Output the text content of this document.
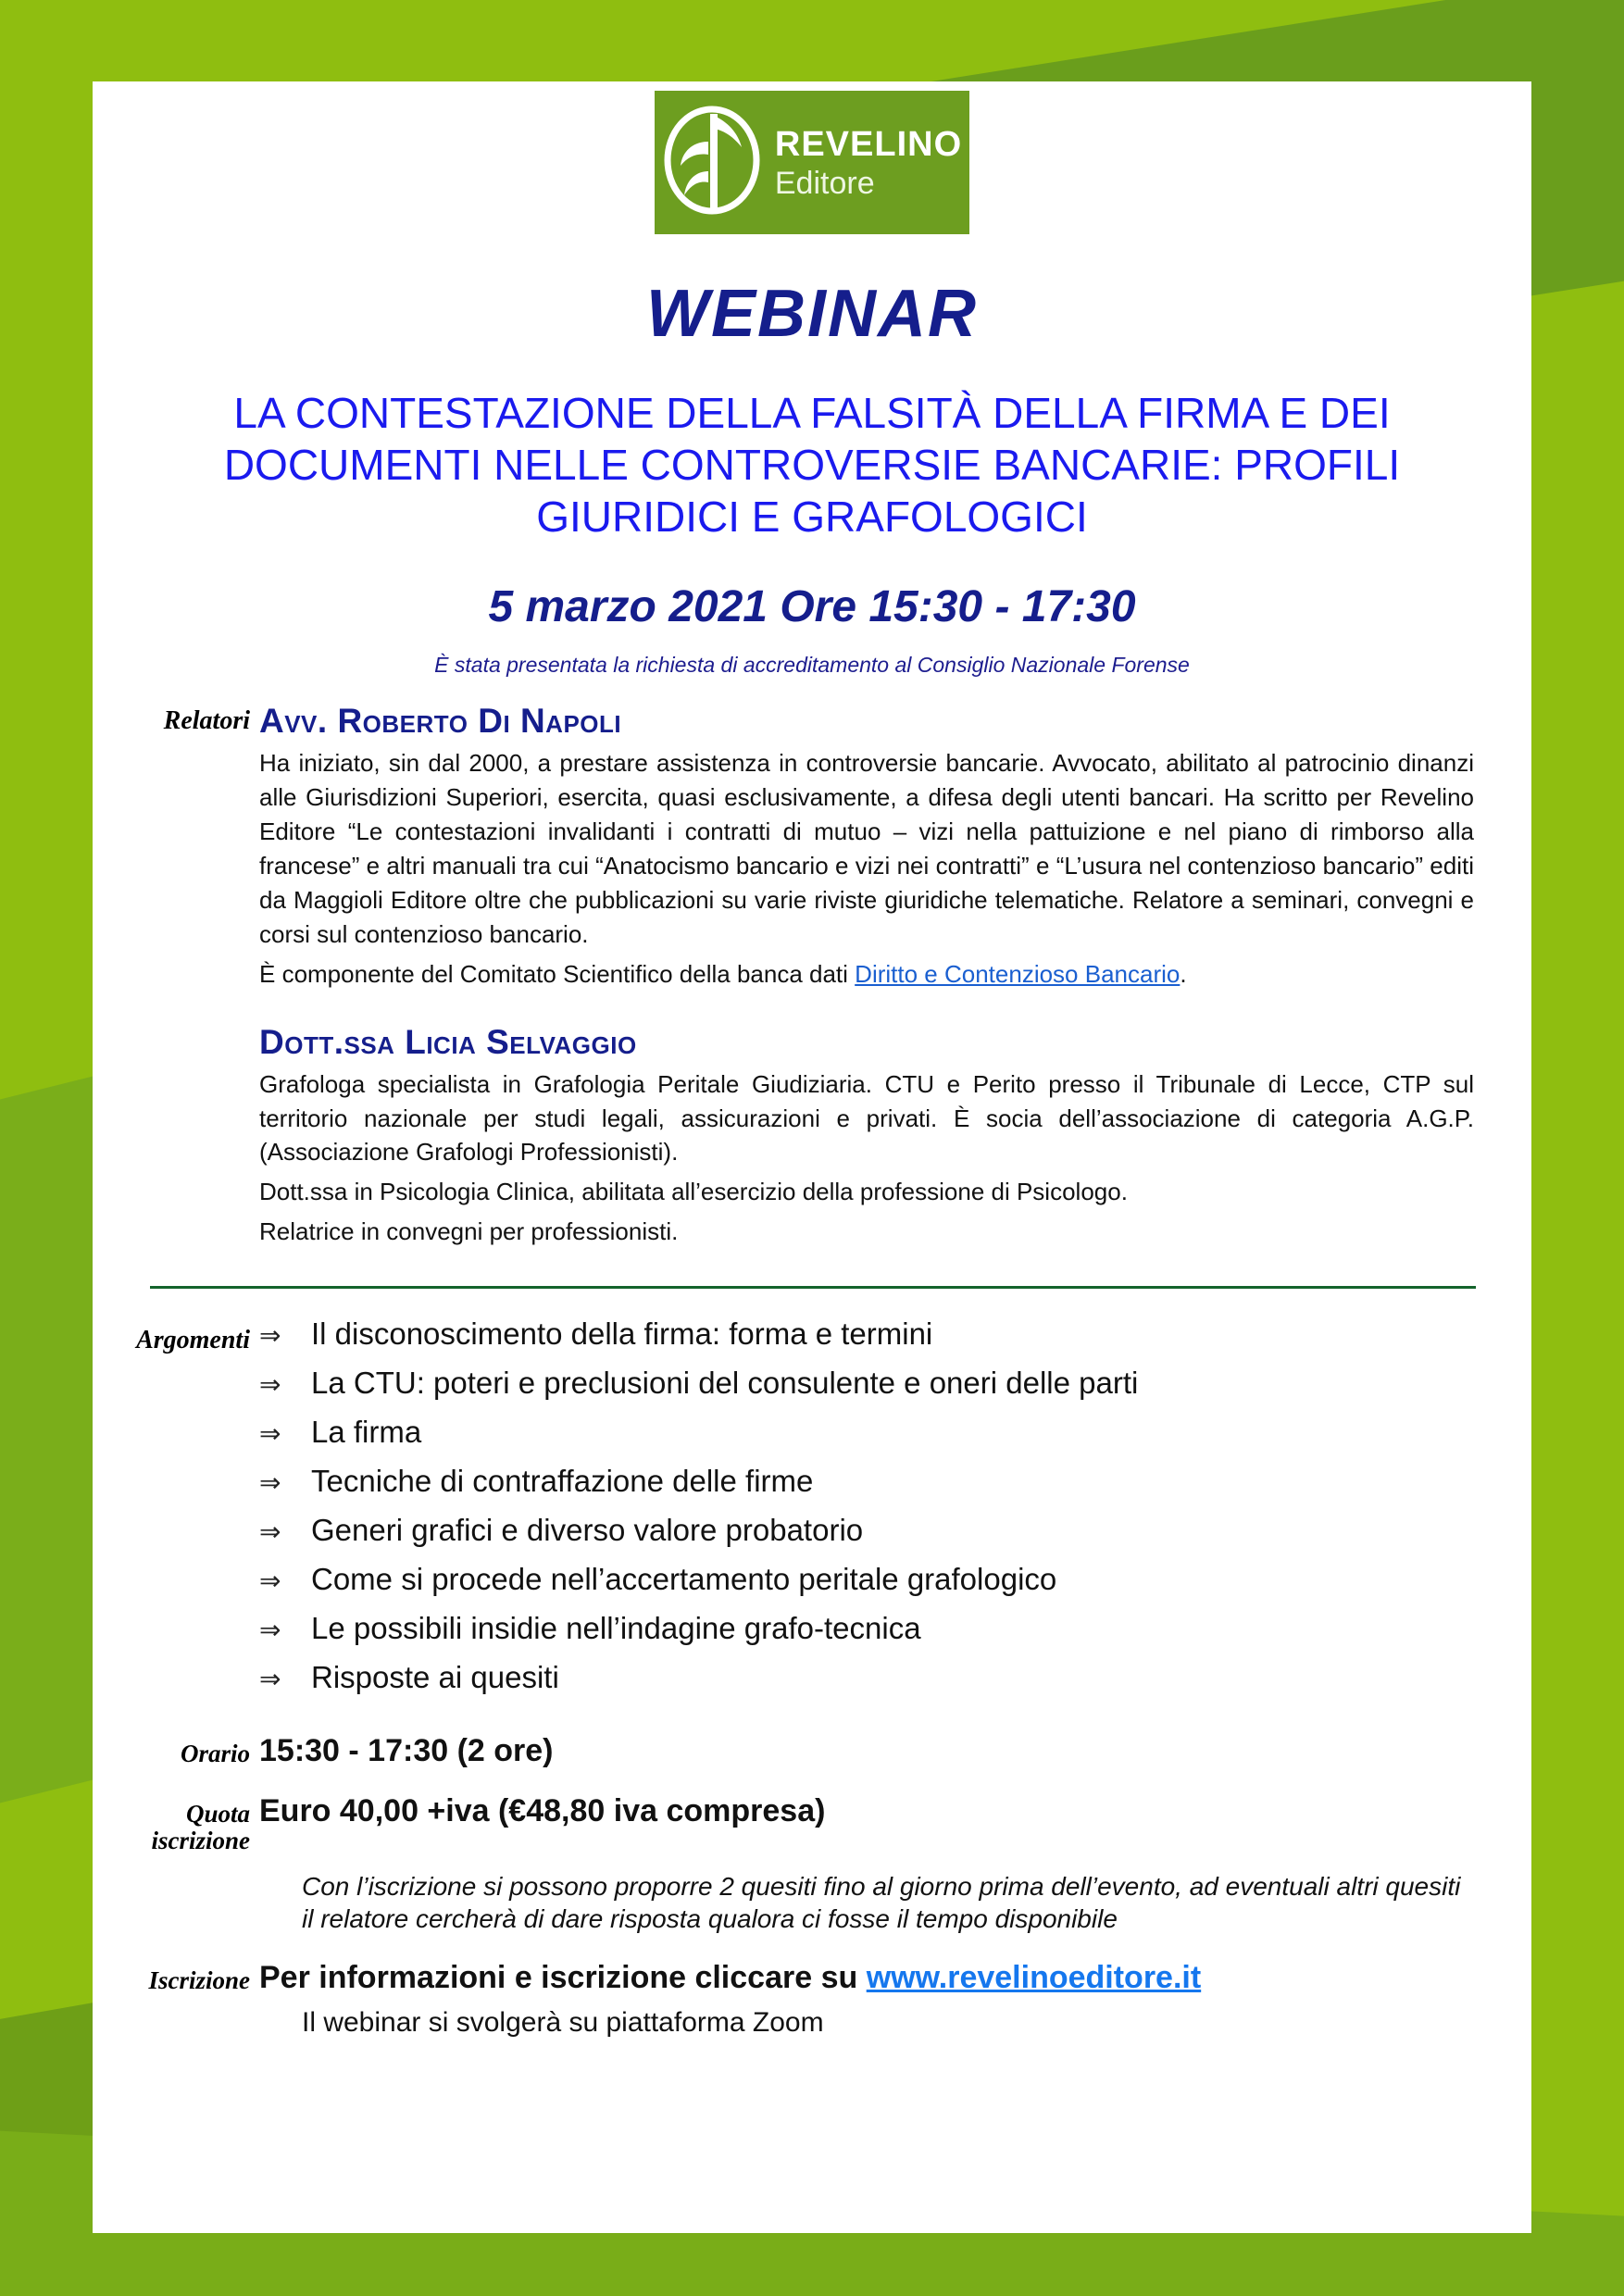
REVELINO
Editore
WEBINAR
LA CONTESTAZIONE DELLA FALSITÀ DELLA FIRMA E DEI DOCUMENTI NELLE CONTROVERSIE BANCARIE: PROFILI GIURIDICI E GRAFOLOGICI
5 marzo 2021 Ore 15:30 - 17:30
È stata presentata la richiesta di accreditamento al Consiglio Nazionale Forense
Relatori Avv. Roberto Di Napoli

Ha iniziato, sin dal 2000, a prestare assistenza in controversie bancarie. Avvocato, abilitato al patrocinio dinanzi alle Giurisdizioni Superiori, esercita, quasi esclusivamente, a difesa degli utenti bancari. Ha scritto per Revelino Editore “Le contestazioni invalidanti i contratti di mutuo – vizi nella pattuizione e nel piano di rimborso alla francese” e altri manuali tra cui “Anatocismo bancario e vizi nei contratti” e “L’usura nel contenzioso bancario” editi da Maggioli Editore oltre che pubblicazioni su varie riviste giuridiche telematiche. Relatore a seminari, convegni e corsi sul contenzioso bancario.

È componente del Comitato Scientifico della banca dati Diritto e Contenzioso Bancario.

Dott.ssa Licia Selvaggio

Grafologa specialista in Grafologia Peritale Giudiziaria. CTU e Perito presso il Tribunale di Lecce, CTP sul territorio nazionale per studi legali, assicurazioni e privati. È socia dell’associazione di categoria A.G.P. (Associazione Grafologi Professionisti).

Dott.ssa in Psicologia Clinica, abilitata all’esercizio della professione di Psicologo.

Relatrice in convegni per professionisti.

Argomenti ⇒ Il disconoscimento della firma: forma e termini
⇒ La CTU: poteri e preclusioni del consulente e oneri delle parti
⇒ La firma
⇒ Tecniche di contraffazione delle firme
⇒ Generi grafici e diverso valore probatorio
⇒ Come si procede nell’accertamento peritale grafologico
⇒ Le possibili insidie nell’indagine grafo-tecnica
⇒ Risposte ai quesiti
Orario 15:30 - 17:30 (2 ore)
Quota
iscrizione
Euro 40,00 +iva (€48,80 iva compresa)
Con l’iscrizione si possono proporre 2 quesiti fino al giorno prima dell’evento, ad eventuali altri quesiti il relatore cercherà di dare risposta qualora ci fosse il tempo disponibile
Iscrizione Per informazioni e iscrizione cliccare su www.revelinoeditore.it
Il webinar si svolgerà su piattaforma Zoom
